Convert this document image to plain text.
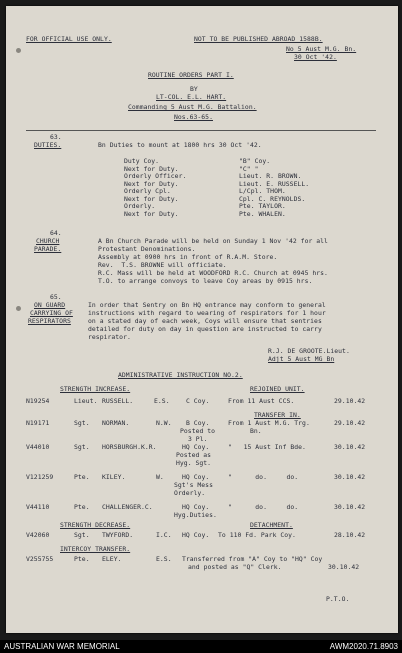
FOR OFFICIAL USE ONLY.	NOT TO BE PUBLISHED ABROAD 1588B.
No 5 Aust M.G. Bn.
30 Oct '42.
ROUTINE ORDERS PART I.
BY
LT-COL. E.L. HART.
Commanding 5 Aust M.G. Battalion.
Nos.63-65.
63.
DUTIES.	Bn Duties to mount at 1800 hrs 30 Oct '42.
Duty Coy.	"B" Coy.
Next for Duty.	"C" "
Orderly Officer.	Lieut. R. BROWN.
Next for Duty.	Lieut. E. RUSSELL.
Orderly Cpl.	L/Cpl. THOM.
Next for Duty.	Cpl. C. REYNOLDS.
Orderly.	Pte. TAYLOR.
Next for Duty.	Pte. WHALEN.
64.
CHURCH
PARADE.
A Bn Church Parade will be held on Sunday 1 Nov '42 for all
Protestant Denominations.
Assembly at 0900 hrs in front of R.A.M. Store.
Rev.  T.S. BROWNE will officiate.
R.C. Mass will be held at WOODFORD R.C. Church at 0945 hrs.
T.O. to arrange convoys to leave Coy areas by 0915 hrs.
65.
ON GUARD
CARRYING OF
RESPIRATORS
In order that Sentry on Bn HQ entrance may conform to general
instructions with regard to wearing of respirators for 1 hour
on a stated day of each week, Coys will ensure that sentries
detailed for duty on day in question are instructed to carry
respirator.
R.J. DE GROOTE.Lieut.
Adjt 5 Aust MG Bn
ADMINISTRATIVE INSTRUCTION NO.2.
STRENGTH INCREASE.	REJOINED UNIT.
N19254	Lieut. RUSSELL.	E.S.	C Coy.	From 11 Aust CCS.	29.10.42
TRANSFER IN.
N19171	Sgt. NORMAN.	N.W. B Coy.
Posted to
3 Pl.
From 1 Aust M.G. Trg.
Bn.
29.10.42
V44010	Sgt. HORSBURGH.K.R.	HQ Coy.
Posted as
Hyg. Sgt.
"   15 Aust Inf Bde.	30.10.42
V121259	Pte. KILEY.	W.	HQ Coy.
Sgt's Mess
Orderly.
"      do.     do.	30.10.42
V44110	Pte. CHALLENGER.C.	HQ Coy.
Hyg.Duties.
"      do.     do.	30.10.42
STRENGTH DECREASE.	DETACHMENT.
V42060	Sgt. TWYFORD.	I.C. HQ Coy. To 110 Fd. Park Coy.	28.10.42
INTERCOY TRANSFER.
V255755	Pte. ELEY.	E.S. Transferred from "A" Coy to "HQ" Coy
and posted as "Q" Clerk.	30.10.42
P.T.O.
AUSTRALIAN WAR MEMORIAL	AWM2020.71.8903
